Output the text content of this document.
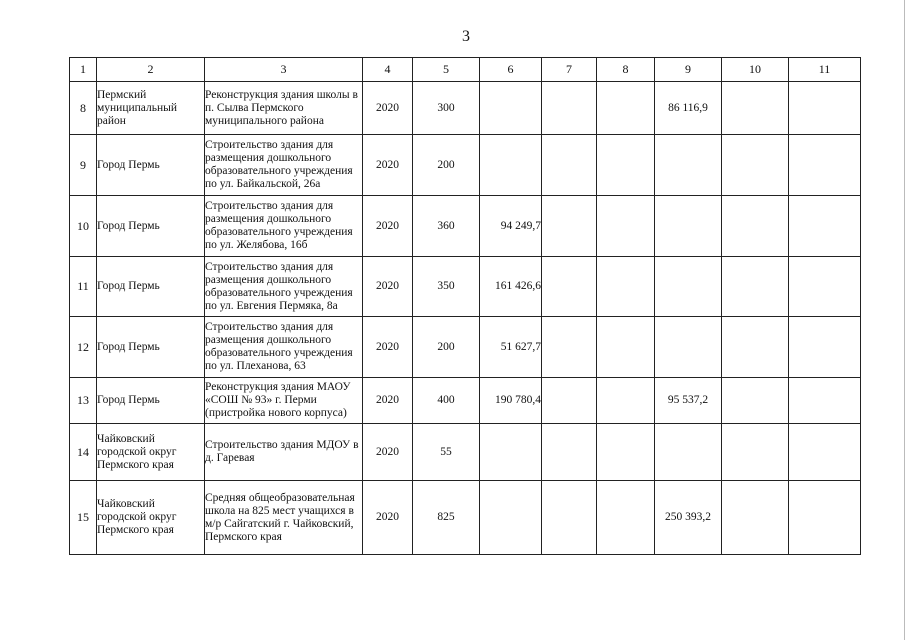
3
1	2	3	4	5	6	7	8	9	10	11
8	Пермский муниципальный район	Реконструкция здания школы в п. Сылва Пермского муниципального района	2020	300				86 116,9		
9	Город Пермь	Строительство здания для размещения дошкольного образовательного учреждения по ул. Байкальской, 26а	2020	200						
10	Город Пермь	Строительство здания для размещения дошкольного образовательного учреждения по ул. Желябова, 16б	2020	360	94 249,7					
11	Город Пермь	Строительство здания для размещения дошкольного образовательного учреждения по ул. Евгения Пермяка, 8а	2020	350	161 426,6					
12	Город Пермь	Строительство здания для размещения дошкольного образовательного учреждения по ул. Плеханова, 63	2020	200	51 627,7					
13	Город Пермь	Реконструкция здания МАОУ «СОШ № 93» г. Перми (пристройка нового корпуса)	2020	400	190 780,4			95 537,2		
14	Чайковский городской округ Пермского края	Строительство здания МДОУ в д. Гаревая	2020	55						
15	Чайковский городской округ Пермского края	Средняя общеобразовательная школа на 825 мест учащихся в м/р Сайгатский г. Чайковский, Пермского края	2020	825				250 393,2		
